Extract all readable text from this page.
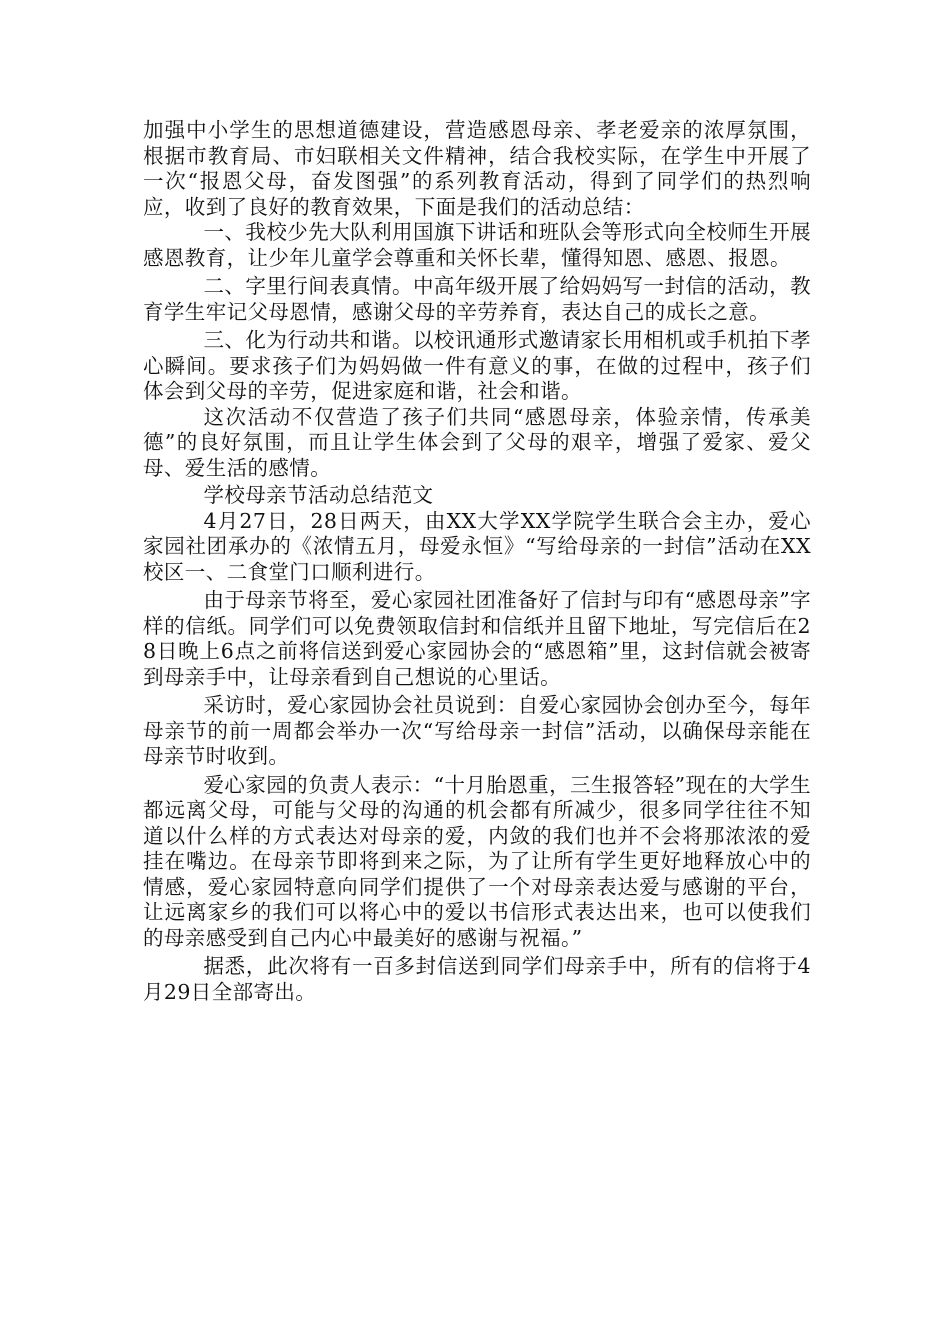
加强中小学生的思想道德建设，营造感恩母亲、孝老爱亲的浓厚氛围，根据市教育局、市妇联相关文件精神，结合我校实际，在学生中开展了一次“报恩父母，奋发图强”的系列教育活动，得到了同学们的热烈响应，收到了良好的教育效果，下面是我们的活动总结：

一、我校少先大队利用国旗下讲话和班队会等形式向全校师生开展感恩教育，让少年儿童学会尊重和关怀长辈，懂得知恩、感恩、报恩。

二、字里行间表真情。中高年级开展了给妈妈写一封信的活动，教育学生牢记父母恩情，感谢父母的辛劳养育，表达自己的成长之意。

三、化为行动共和谐。以校讯通形式邀请家长用相机或手机拍下孝心瞬间。要求孩子们为妈妈做一件有意义的事，在做的过程中，孩子们体会到父母的辛劳，促进家庭和谐，社会和谐。

这次活动不仅营造了孩子们共同“感恩母亲，体验亲情，传承美德”的良好氛围，而且让学生体会到了父母的艰辛，增强了爱家、爱父母、爱生活的感情。

学校母亲节活动总结范文

4月27日，28日两天，由XX大学XX学院学生联合会主办，爱心家园社团承办的《浓情五月，母爱永恒》“写给母亲的一封信”活动在XX校区一、二食堂门口顺利进行。

由于母亲节将至，爱心家园社团准备好了信封与印有“感恩母亲”字样的信纸。同学们可以免费领取信封和信纸并且留下地址，写完信后在28日晚上6点之前将信送到爱心家园协会的“感恩箱”里，这封信就会被寄到母亲手中，让母亲看到自己想说的心里话。

采访时，爱心家园协会社员说到：自爱心家园协会创办至今，每年母亲节的前一周都会举办一次“写给母亲一封信”活动，以确保母亲能在母亲节时收到。

爱心家园的负责人表示：“十月胎恩重，三生报答轻”现在的大学生都远离父母，可能与父母的沟通的机会都有所减少，很多同学往往不知道以什么样的方式表达对母亲的爱，内敛的我们也并不会将那浓浓的爱挂在嘴边。在母亲节即将到来之际，为了让所有学生更好地释放心中的情感，爱心家园特意向同学们提供了一个对母亲表达爱与感谢的平台，让远离家乡的我们可以将心中的爱以书信形式表达出来，也可以使我们的母亲感受到自己内心中最美好的感谢与祝福。”

据悉，此次将有一百多封信送到同学们母亲手中，所有的信将于4月29日全部寄出。
